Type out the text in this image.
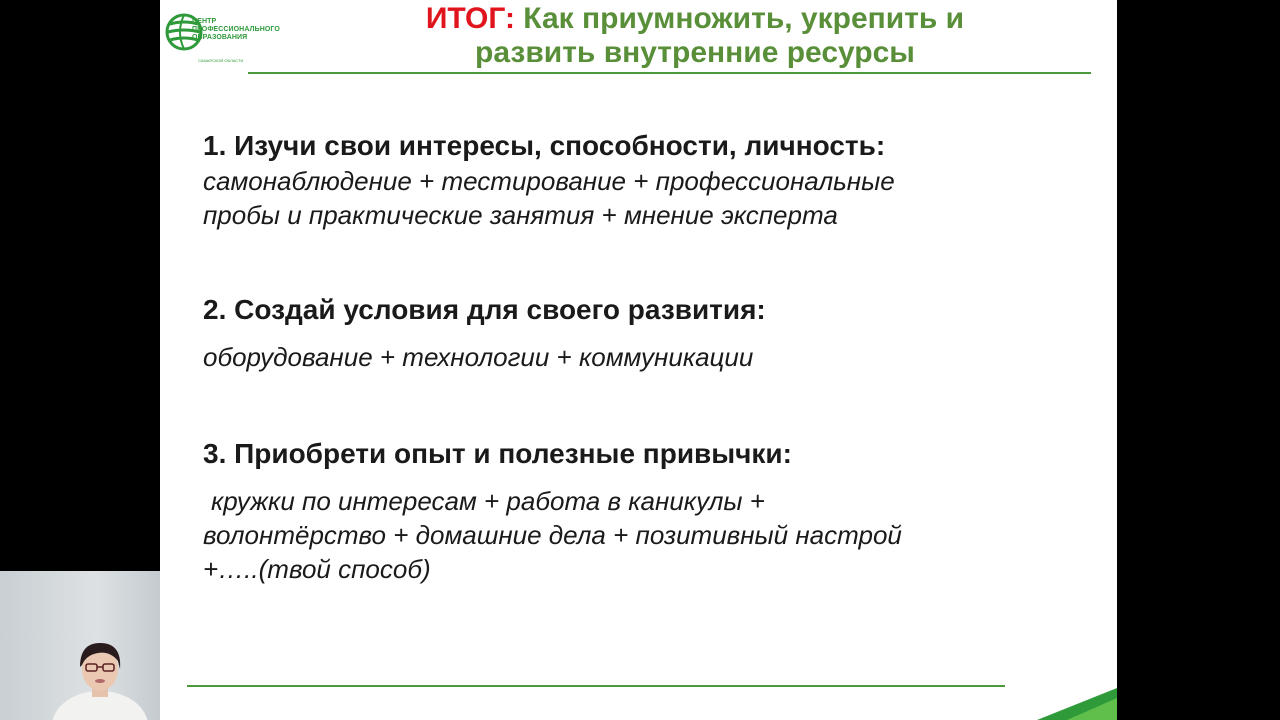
ЦЕНТР
ПРОФЕССИОНАЛЬНОГО
ОБРАЗОВАНИЯ
САМАРСКОЙ ОБЛАСТИ
ИТОГ: Как приумножить, укрепить и
развить внутренние ресурсы
1. Изучи свои интересы, способности, личность:
самонаблюдение + тестирование + профессиональные
пробы и практические занятия + мнение эксперта
2. Создай условия для своего развития:
оборудование + технологии + коммуникации
3. Приобрети опыт и полезные привычки:
кружки по интересам + работа в каникулы +
волонтёрство + домашние дела + позитивный настрой
+…..(твой способ)
